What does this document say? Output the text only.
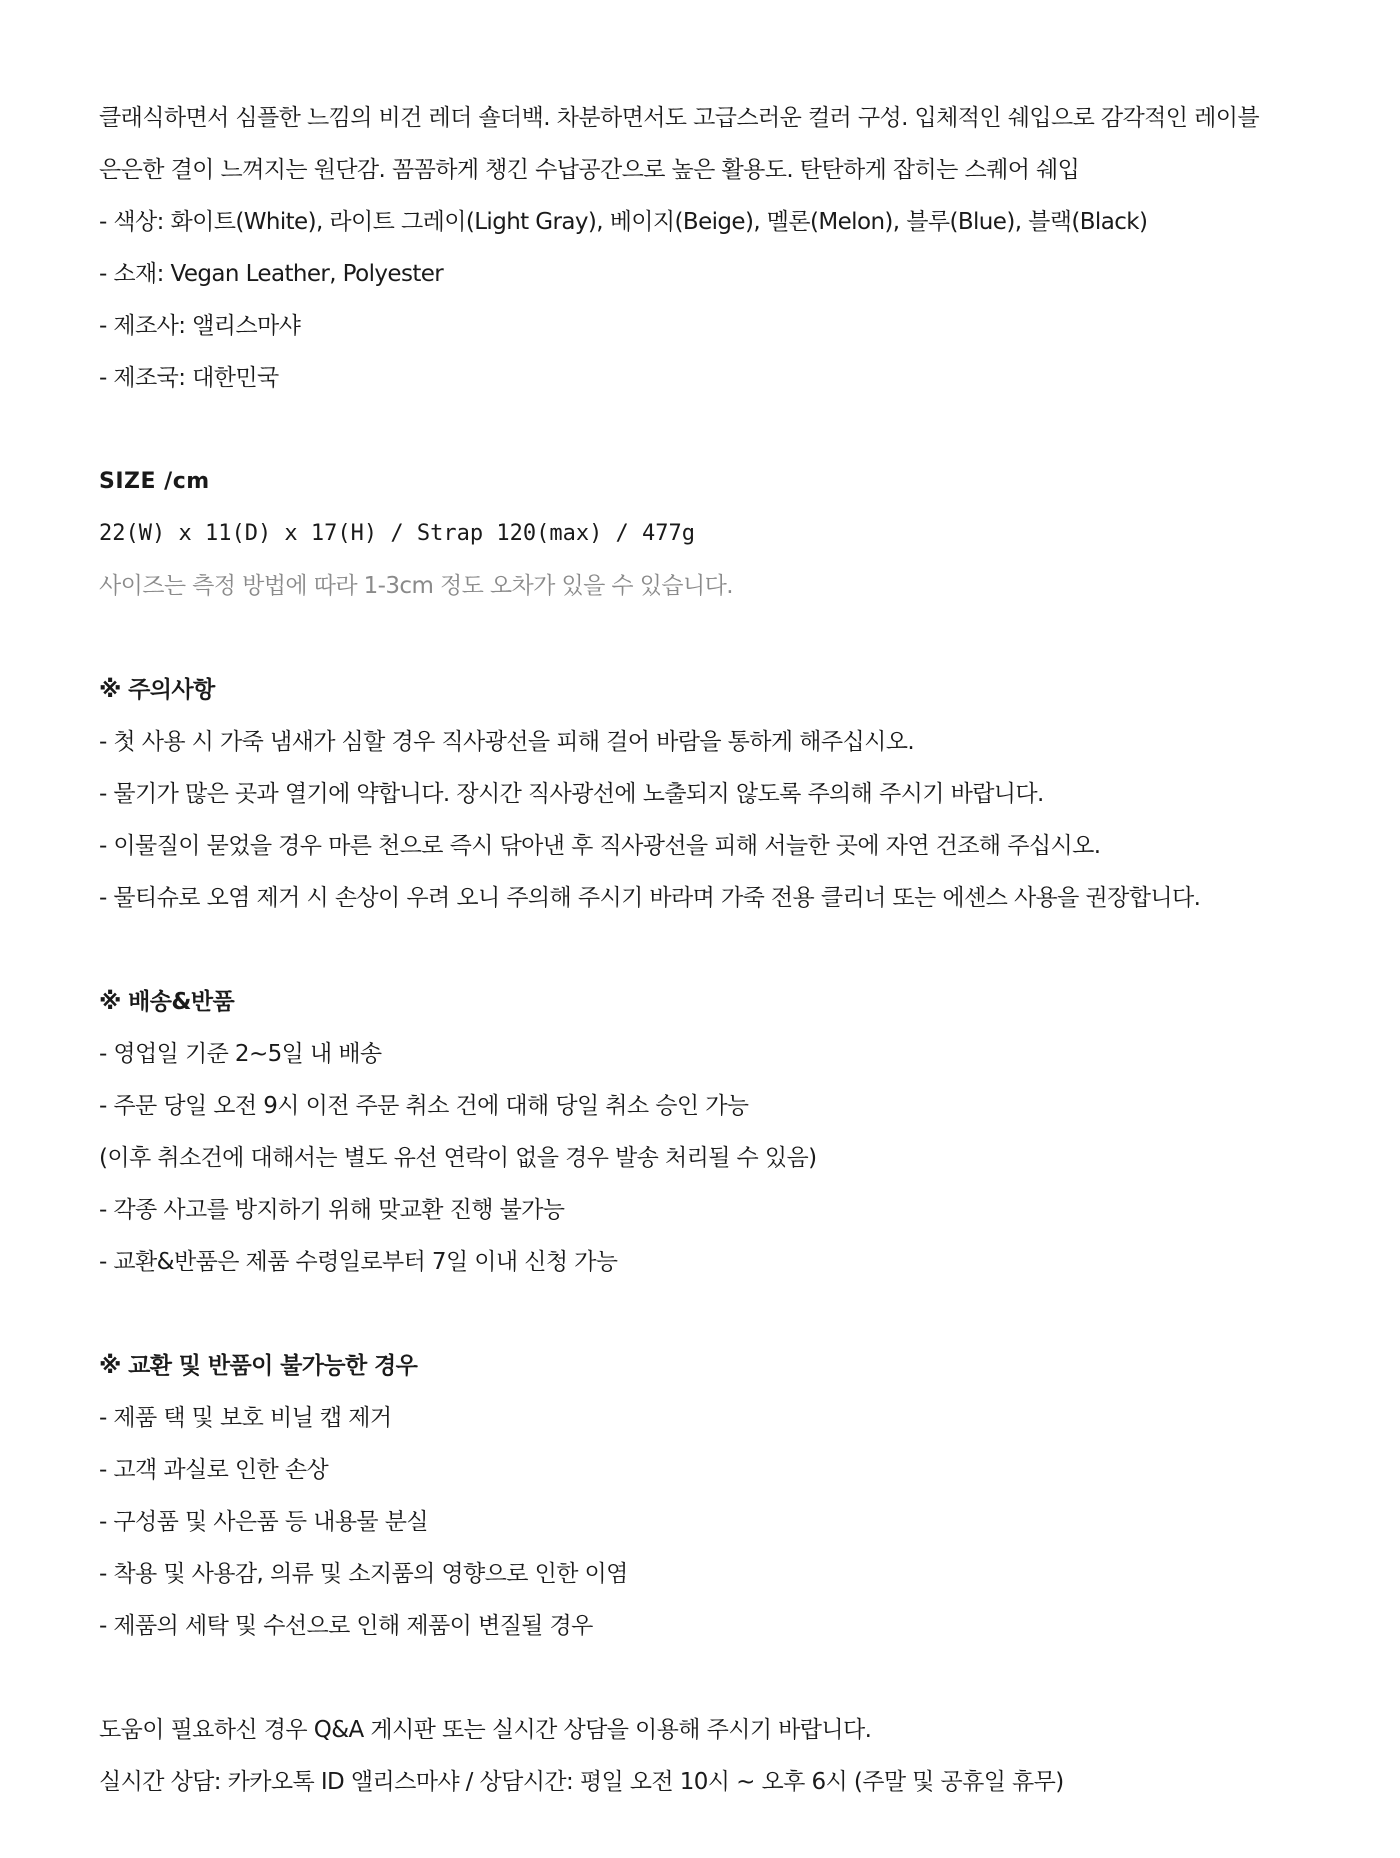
클래식하면서 심플한 느낌의 비건 레더 숄더백. 차분하면서도 고급스러운 컬러 구성. 입체적인 쉐입으로 감각적인 레이블
은은한 결이 느껴지는 원단감. 꼼꼼하게 챙긴 수납공간으로 높은 활용도. 탄탄하게 잡히는 스퀘어 쉐입
- 색상: 화이트(White), 라이트 그레이(Light Gray), 베이지(Beige), 멜론(Melon), 블루(Blue), 블랙(Black)
- 소재: Vegan Leather, Polyester
- 제조사: 앨리스마샤
- 제조국: 대한민국
SIZE /cm
22(W) x 11(D) x 17(H) / Strap 120(max) / 477g
사이즈는 측정 방법에 따라 1-3cm 정도 오차가 있을 수 있습니다.
※ 주의사항
- 첫 사용 시 가죽 냄새가 심할 경우 직사광선을 피해 걸어 바람을 통하게 해주십시오.
- 물기가 많은 곳과 열기에 약합니다. 장시간 직사광선에 노출되지 않도록 주의해 주시기 바랍니다.
- 이물질이 묻었을 경우 마른 천으로 즉시 닦아낸 후 직사광선을 피해 서늘한 곳에 자연 건조해 주십시오.
- 물티슈로 오염 제거 시 손상이 우려 오니 주의해 주시기 바라며 가죽 전용 클리너 또는 에센스 사용을 권장합니다.
※ 배송&반품
- 영업일 기준 2~5일 내 배송
- 주문 당일 오전 9시 이전 주문 취소 건에 대해 당일 취소 승인 가능
(이후 취소건에 대해서는 별도 유선 연락이 없을 경우 발송 처리될 수 있음)
- 각종 사고를 방지하기 위해 맞교환 진행 불가능
- 교환&반품은 제품 수령일로부터 7일 이내 신청 가능
※ 교환 및 반품이 불가능한 경우
- 제품 택 및 보호 비닐 캡 제거
- 고객 과실로 인한 손상
- 구성품 및 사은품 등 내용물 분실
- 착용 및 사용감, 의류 및 소지품의 영향으로 인한 이염
- 제품의 세탁 및 수선으로 인해 제품이 변질될 경우
도움이 필요하신 경우 Q&A 게시판 또는 실시간 상담을 이용해 주시기 바랍니다.
실시간 상담: 카카오톡 ID 앨리스마샤 / 상담시간: 평일 오전 10시 ~ 오후 6시 (주말 및 공휴일 휴무)
